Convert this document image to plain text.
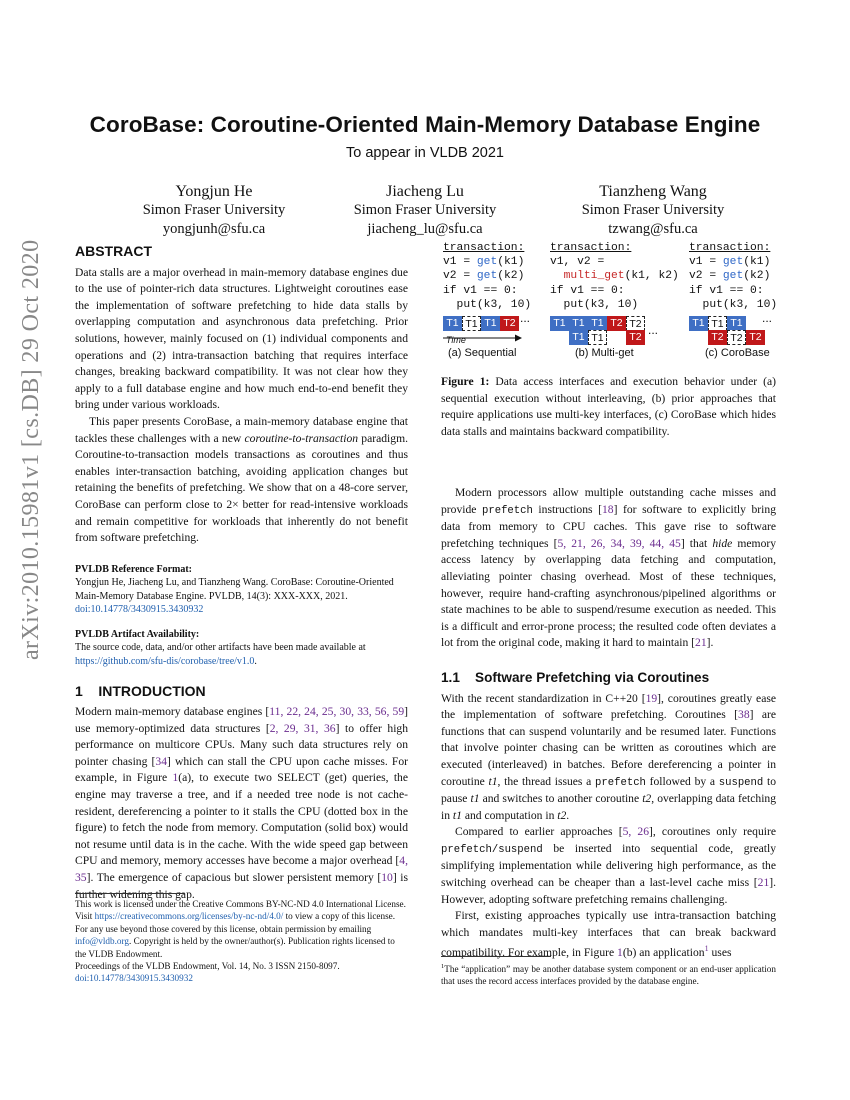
arXiv:2010.15981v1 [cs.DB] 29 Oct 2020
CoroBase: Coroutine-Oriented Main-Memory Database Engine
To appear in VLDB 2021
Yongjun He
Simon Fraser University
yongjunh@sfu.ca
Jiacheng Lu
Simon Fraser University
jiacheng_lu@sfu.ca
Tianzheng Wang
Simon Fraser University
tzwang@sfu.ca
ABSTRACT

Data stalls are a major overhead in main-memory database engines due to the use of pointer-rich data structures. Lightweight coroutines ease the implementation of software prefetching to hide data stalls by overlapping computation and asynchronous data prefetching. Prior solutions, however, mainly focused on (1) individual components and operations and (2) intra-transaction batching that requires interface changes, breaking backward compatibility. It was not clear how they apply to a full database engine and how much end-to-end benefit they bring under various workloads.

This paper presents CoroBase, a main-memory database engine that tackles these challenges with a new coroutine-to-transaction paradigm. Coroutine-to-transaction models transactions as coroutines and thus enables inter-transaction batching, avoiding application changes but retaining the benefits of prefetching. We show that on a 48-core server, CoroBase can perform close to 2× better for read-intensive workloads and remain competitive for workloads that inherently do not benefit from software prefetching.

PVLDB Reference Format:
Yongjun He, Jiacheng Lu, and Tianzheng Wang. CoroBase: Coroutine-Oriented Main-Memory Database Engine. PVLDB, 14(3): XXX-XXX, 2021.
doi:10.14778/3430915.3430932
PVLDB Artifact Availability:
The source code, data, and/or other artifacts have been made available at https://github.com/sfu-dis/corobase/tree/v1.0.
1    INTRODUCTION

Modern main-memory database engines [11, 22, 24, 25, 30, 33, 56, 59] use memory-optimized data structures [2, 29, 31, 36] to offer high performance on multicore CPUs. Many such data structures rely on pointer chasing [34] which can stall the CPU upon cache misses. For example, in Figure 1(a), to execute two SELECT (get) queries, the engine may traverse a tree, and if a needed tree node is not cache-resident, dereferencing a pointer to it stalls the CPU (dotted box in the figure) to fetch the node from memory. Computation (solid box) would not resume until data is in the cache. With the wide speed gap between CPU and memory, memory accesses have become a major overhead [4, 35]. The emergence of capacious but slower persistent memory [10] is further widening this gap.

This work is licensed under the Creative Commons BY-NC-ND 4.0 International License. Visit https://creativecommons.org/licenses/by-nc-nd/4.0/ to view a copy of this license. For any use beyond those covered by this license, obtain permission by emailing info@vldb.org. Copyright is held by the owner/author(s). Publication rights licensed to the VLDB Endowment.
Proceedings of the VLDB Endowment, Vol. 14, No. 3 ISSN 2150-8097.
doi:10.14778/3430915.3430932
transaction:
v1 = get(k1)
v2 = get(k2)
if v1 == 0:
put(k3, 10)
transaction:
v1, v2 =
multi_get(k1, k2)
if v1 == 0:
put(k3, 10)
transaction:
v1 = get(k1)
v2 = get(k2)
if v1 == 0:
put(k3, 10)
T1 T1 T1 T2 ...
Time
(a) Sequential
T1 T1 T1 T2 T2
T1 T1	T2 ...
(b) Multi-get
T1 T1 T1 ...
T2 T2 T2
(c) CoroBase
Figure 1: Data access interfaces and execution behavior under (a) sequential execution without interleaving, (b) prior approaches that require applications use multi-key interfaces, (c) CoroBase which hides data stalls and maintains backward compatibility.

Modern processors allow multiple outstanding cache misses and provide prefetch instructions [18] for software to explicitly bring data from memory to CPU caches. This gave rise to software prefetching techniques [5, 21, 26, 34, 39, 44, 45] that hide memory access latency by overlapping data fetching and computation, alleviating pointer chasing overhead. Most of these techniques, however, require hand-crafting asynchronous/pipelined algorithms or state machines to be able to suspend/resume execution as needed. This is a difficult and error-prone process; the resulted code often deviates a lot from the original code, making it hard to maintain [21].

1.1    Software Prefetching via Coroutines

With the recent standardization in C++20 [19], coroutines greatly ease the implementation of software prefetching. Coroutines [38] are functions that can suspend voluntarily and be resumed later. Functions that involve pointer chasing can be written as coroutines which are executed (interleaved) in batches. Before dereferencing a pointer in coroutine t1, the thread issues a prefetch followed by a suspend to pause t1 and switches to another coroutine t2, overlapping data fetching in t1 and computation in t2.

Compared to earlier approaches [5, 26], coroutines only require prefetch/suspend be inserted into sequential code, greatly simplifying implementation while delivering high performance, as the switching overhead can be cheaper than a last-level cache miss [21]. However, adopting software prefetching remains challenging.

First, existing approaches typically use intra-transaction batching which mandates multi-key interfaces that can break backward compatibility. For example, in Figure 1(b) an application$^1$ uses

$^1$The “application” may be another database system component or an end-user application that uses the record access interfaces provided by the database engine.
